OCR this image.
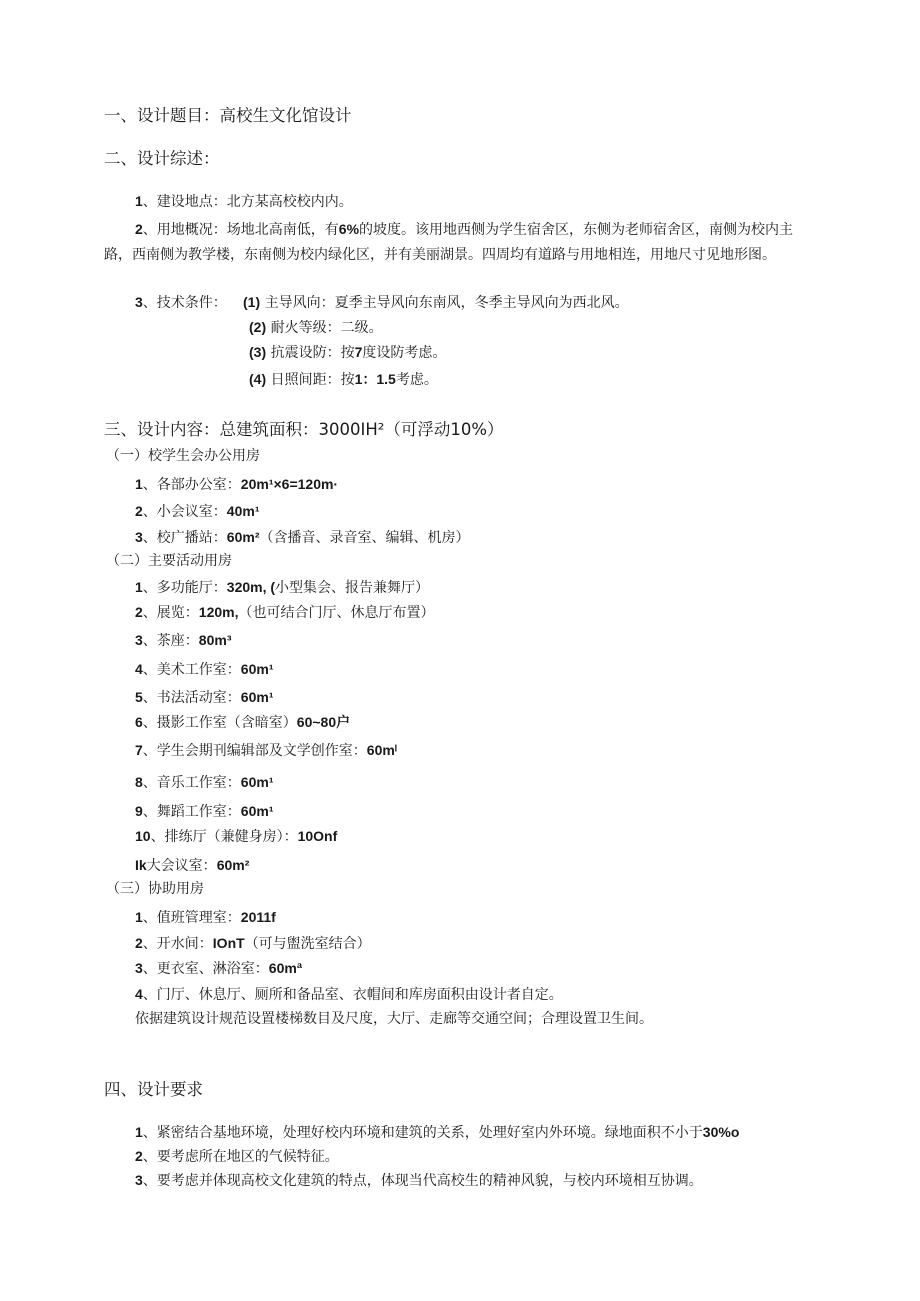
一、设计题目：高校生文化馆设计
二、设计综述：
1、建设地点：北方某高校校内内。
2、用地概况：场地北高南低，有6%的坡度。该用地西侧为学生宿舍区，东侧为老师宿舍区，南侧为校内主路，西南侧为教学楼，东南侧为校内绿化区，并有美丽湖景。四周均有道路与用地相连，用地尺寸见地形图。
3、技术条件： (1) 主导风向：夏季主导风向东南风，冬季主导风向为西北风。
(2) 耐火等级：二级。
(3) 抗震设防：按7度设防考虑。
(4) 日照间距：按1：1.5考虑。
三、设计内容：总建筑面积：3000IH²（可浮动10%）
（一）校学生会办公用房
1、各部办公室：20m¹×6=120m·
2、小会议室：40m¹
3、校广播站：60m²（含播音、录音室、编辑、机房）
（二）主要活动用房
1、多功能厅：320m, (小型集会、报告兼舞厅）
2、展览：120m,（也可结合门厅、休息厅布置）
3、茶座：80m³
4、美术工作室：60m¹
5、书法活动室：60m¹
6、摄影工作室（含暗室）60~80户
7、学生会期刊编辑部及文学创作室：60mˡ
8、音乐工作室：60m¹
9、舞蹈工作室：60m¹
10、排练厅（兼健身房）：10Onf
Ik大会议室：60m²
（三）协助用房
1、值班管理室：2011f
2、开水间：IOnT（可与盥洗室结合）
3、更衣室、淋浴室：60mª
4、门厅、休息厅、厕所和备品室、衣帽间和库房面积由设计者自定。
依据建筑设计规范设置楼梯数目及尺度，大厅、走廊等交通空间；合理设置卫生间。
四、设计要求
1、紧密结合基地环境，处理好校内环境和建筑的关系，处理好室内外环境。绿地面积不小于30%o
2、要考虑所在地区的气候特征。
3、要考虑并体现高校文化建筑的特点，体现当代高校生的精神风貌，与校内环境相互协调。
